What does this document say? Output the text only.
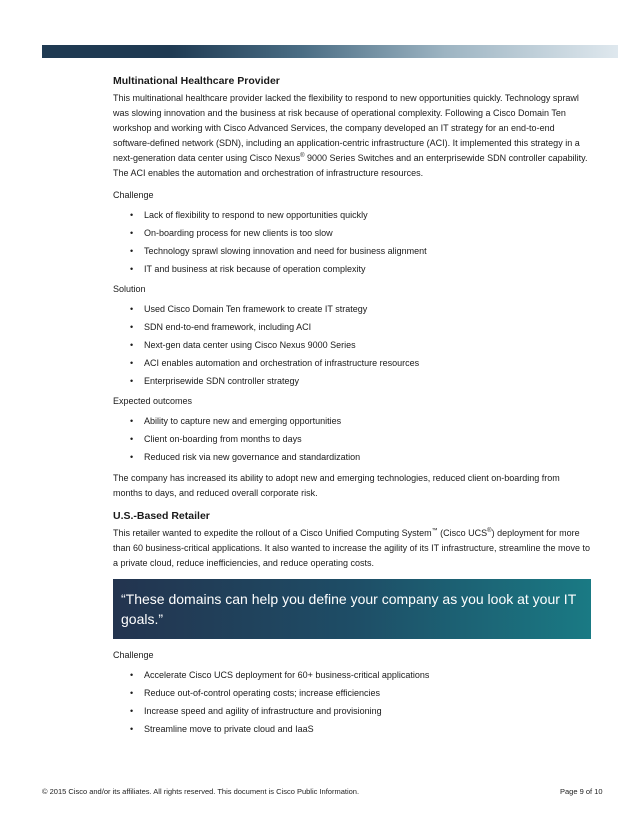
Multinational Healthcare Provider

This multinational healthcare provider lacked the flexibility to respond to new opportunities quickly. Technology sprawl was slowing innovation and the business at risk because of operational complexity. Following a Cisco Domain Ten workshop and working with Cisco Advanced Services, the company developed an IT strategy for an end-to-end software-defined network (SDN), including an application-centric infrastructure (ACI). It implemented this strategy in a next-generation data center using Cisco Nexus® 9000 Series Switches and an enterprisewide SDN controller capability. The ACI enables the automation and orchestration of infrastructure resources.

Challenge
• Lack of flexibility to respond to new opportunities quickly
• On-boarding process for new clients is too slow
• Technology sprawl slowing innovation and need for business alignment
• IT and business at risk because of operation complexity
Solution
• Used Cisco Domain Ten framework to create IT strategy
• SDN end-to-end framework, including ACI
• Next-gen data center using Cisco Nexus 9000 Series
• ACI enables automation and orchestration of infrastructure resources
• Enterprisewide SDN controller strategy
Expected outcomes
• Ability to capture new and emerging opportunities
• Client on-boarding from months to days
• Reduced risk via new governance and standardization

The company has increased its ability to adopt new and emerging technologies, reduced client on-boarding from months to days, and reduced overall corporate risk.

U.S.-Based Retailer

This retailer wanted to expedite the rollout of a Cisco Unified Computing System™ (Cisco UCS®) deployment for more than 60 business-critical applications. It also wanted to increase the agility of its IT infrastructure, streamline the move to a private cloud, reduce inefficiencies, and reduce operating costs.

“These domains can help you define your company as you look at your IT goals.”
Challenge
• Accelerate Cisco UCS deployment for 60+ business-critical applications
• Reduce out-of-control operating costs; increase efficiencies
• Increase speed and agility of infrastructure and provisioning
• Streamline move to private cloud and IaaS
© 2015 Cisco and/or its affiliates. All rights reserved. This document is Cisco Public Information.	Page 9 of 10
